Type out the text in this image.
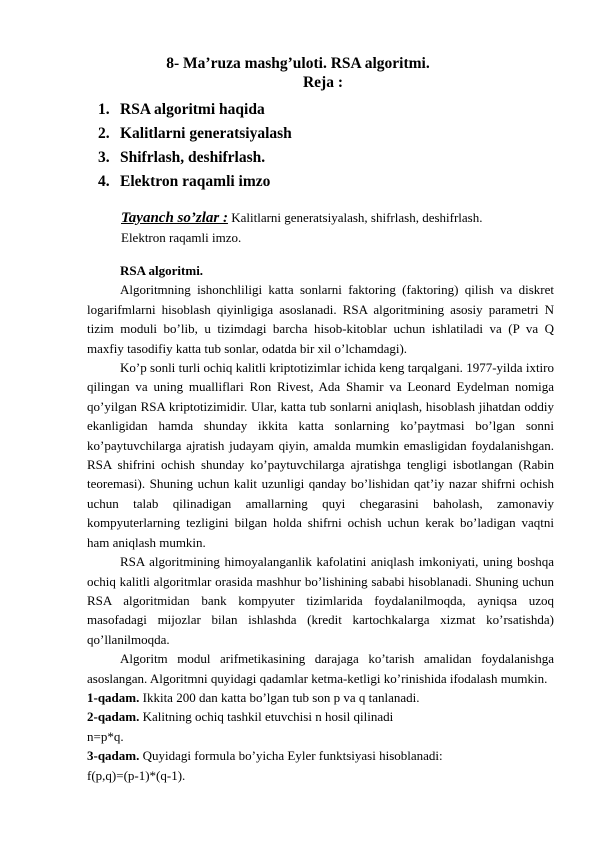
8- Ma’ruza mashg’uloti. RSA algoritmi.
Reja :
1. RSA algoritmi haqida
2. Kalitlarni generatsiyalash
3. Shifrlash, deshifrlash.
4. Elektron raqamli imzo
Tayanch so’zlar : Kalitlarni generatsiyalash, shifrlash, deshifrlash. Elektron raqamli imzo.

RSA algoritmi.

Algoritmning ishonchliligi katta sonlarni faktoring (faktoring) qilish va diskret logarifmlarni hisoblash qiyinligiga asoslanadi. RSA algoritmining asosiy parametri N tizim moduli bo’lib, u tizimdagi barcha hisob-kitoblar uchun ishlatiladi va (P va Q maxfiy tasodifiy katta tub sonlar, odatda bir xil o’lchamdagi).

Ko’p sonli turli ochiq kalitli kriptotizimlar ichida keng tarqalgani. 1977-yilda ixtiro qilingan va uning mualliflari Ron Rivest, Ada Shamir va Leonard Eydelman nomiga qo’yilgan RSA kriptotizimidir. Ular, katta tub sonlarni aniqlash, hisoblash jihatdan oddiy ekanligidan hamda shunday ikkita katta sonlarning ko’paytmasi bo’lgan sonni ko’paytuvchilarga ajratish judayam qiyin, amalda mumkin emasligidan foydalanishgan. RSA shifrini ochish shunday ko’paytuvchilarga ajratishga tengligi isbotlangan (Rabin teoremasi). Shuning uchun kalit uzunligi qanday bo’lishidan qat’iy nazar shifrni ochish uchun talab qilinadigan amallarning quyi chegarasini baholash, zamonaviy kompyuterlarning tezligini bilgan holda shifrni ochish uchun kerak bo’ladigan vaqtni ham aniqlash mumkin.

RSA algoritmining himoyalanganlik kafolatini aniqlash imkoniyati, uning boshqa ochiq kalitli algoritmlar orasida mashhur bo’lishining sababi hisoblanadi. Shuning uchun RSA algoritmidan bank kompyuter tizimlarida foydalanilmoqda, ayniqsa uzoq masofadagi mijozlar bilan ishlashda (kredit kartochkalarga xizmat ko’rsatishda) qo’llanilmoqda.

Algoritm modul arifmetikasining darajaga ko’tarish amalidan foydalanishga asoslangan. Algoritmni quyidagi qadamlar ketma-ketligi ko’rinishida ifodalash mumkin.

1-qadam. Ikkita 200 dan katta bo’lgan tub son p va q tanlanadi.

2-qadam. Kalitning ochiq tashkil etuvchisi n hosil qilinadi

n=p*q.

3-qadam. Quyidagi formula bo’yicha Eyler funktsiyasi hisoblanadi:

f(p,q)=(p-1)*(q-1).
